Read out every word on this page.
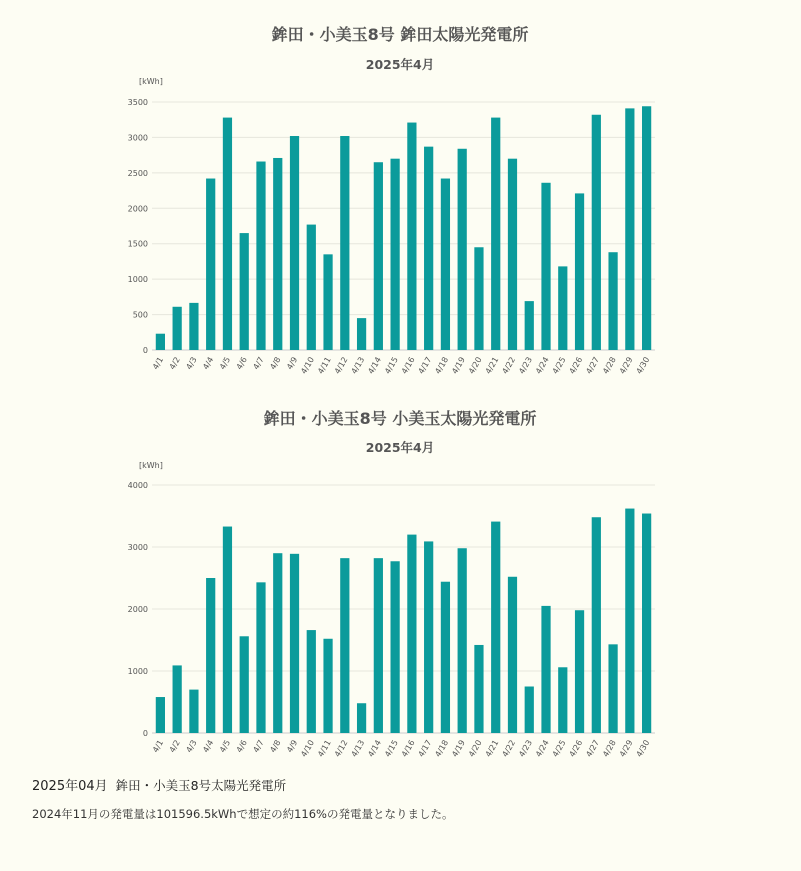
鉾田・小美玉8号 鉾田太陽光発電所
2025年4月
[kWh]
0
500
1000
1500
2000
2500
3000
3500
4/1 4/2 4/3 4/4 4/5 4/6 4/7 4/8 4/9 4/10 4/11 4/12 4/13 4/14 4/15 4/16 4/17 4/18 4/19 4/20 4/21 4/22 4/23 4/24 4/25 4/26 4/27 4/28 4/29 4/30
鉾田・小美玉8号 小美玉太陽光発電所
2025年4月
[kWh]
0
1000
2000
3000
4000
4/1 4/2 4/3 4/4 4/5 4/6 4/7 4/8 4/9 4/10 4/11 4/12 4/13 4/14 4/15 4/16 4/17 4/18 4/19 4/20 4/21 4/22 4/23 4/24 4/25 4/26 4/27 4/28 4/29 4/30
2025年04月 鉾田・小美玉8号太陽光発電所
2024年11月の発電量は101596.5kWhで想定の約116%の発電量となりました。
